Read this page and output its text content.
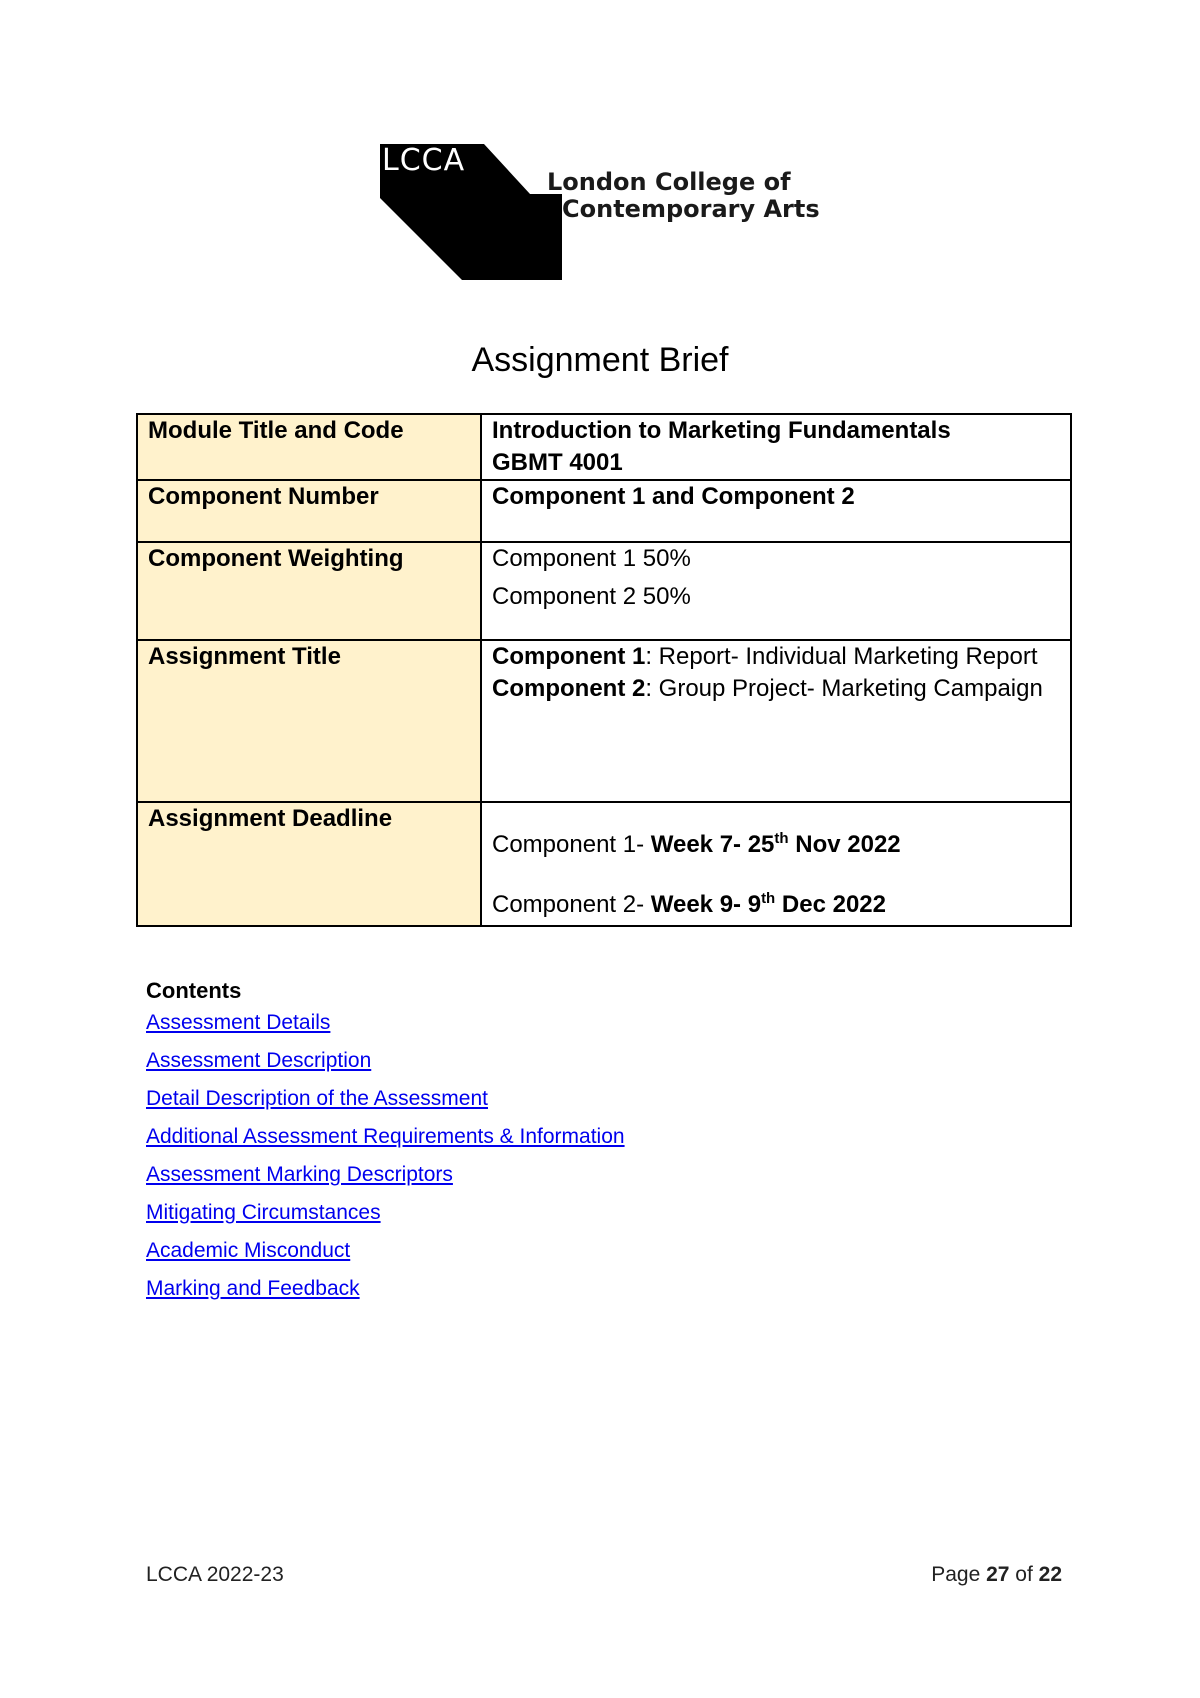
LCCA
London College of
Contemporary Arts
Assignment Brief
Module Title and Code	Introduction to Marketing Fundamentals
GBMT 4001

Component Number	Component 1 and Component 2
Component Weighting	Component 1 50%
Component 2 50%

Assignment Title	Component 1: Report- Individual Marketing Report
Component 2: Group Project- Marketing Campaign

Assignment Deadline	Component 1- Week 7- 25th Nov 2022
Component 2- Week 9- 9th Dec 2022
Contents
Assessment Details
Assessment Description
Detail Description of the Assessment
Additional Assessment Requirements & Information
Assessment Marking Descriptors
Mitigating Circumstances
Academic Misconduct
Marking and Feedback
LCCA 2022-23	Page 27 of 22
